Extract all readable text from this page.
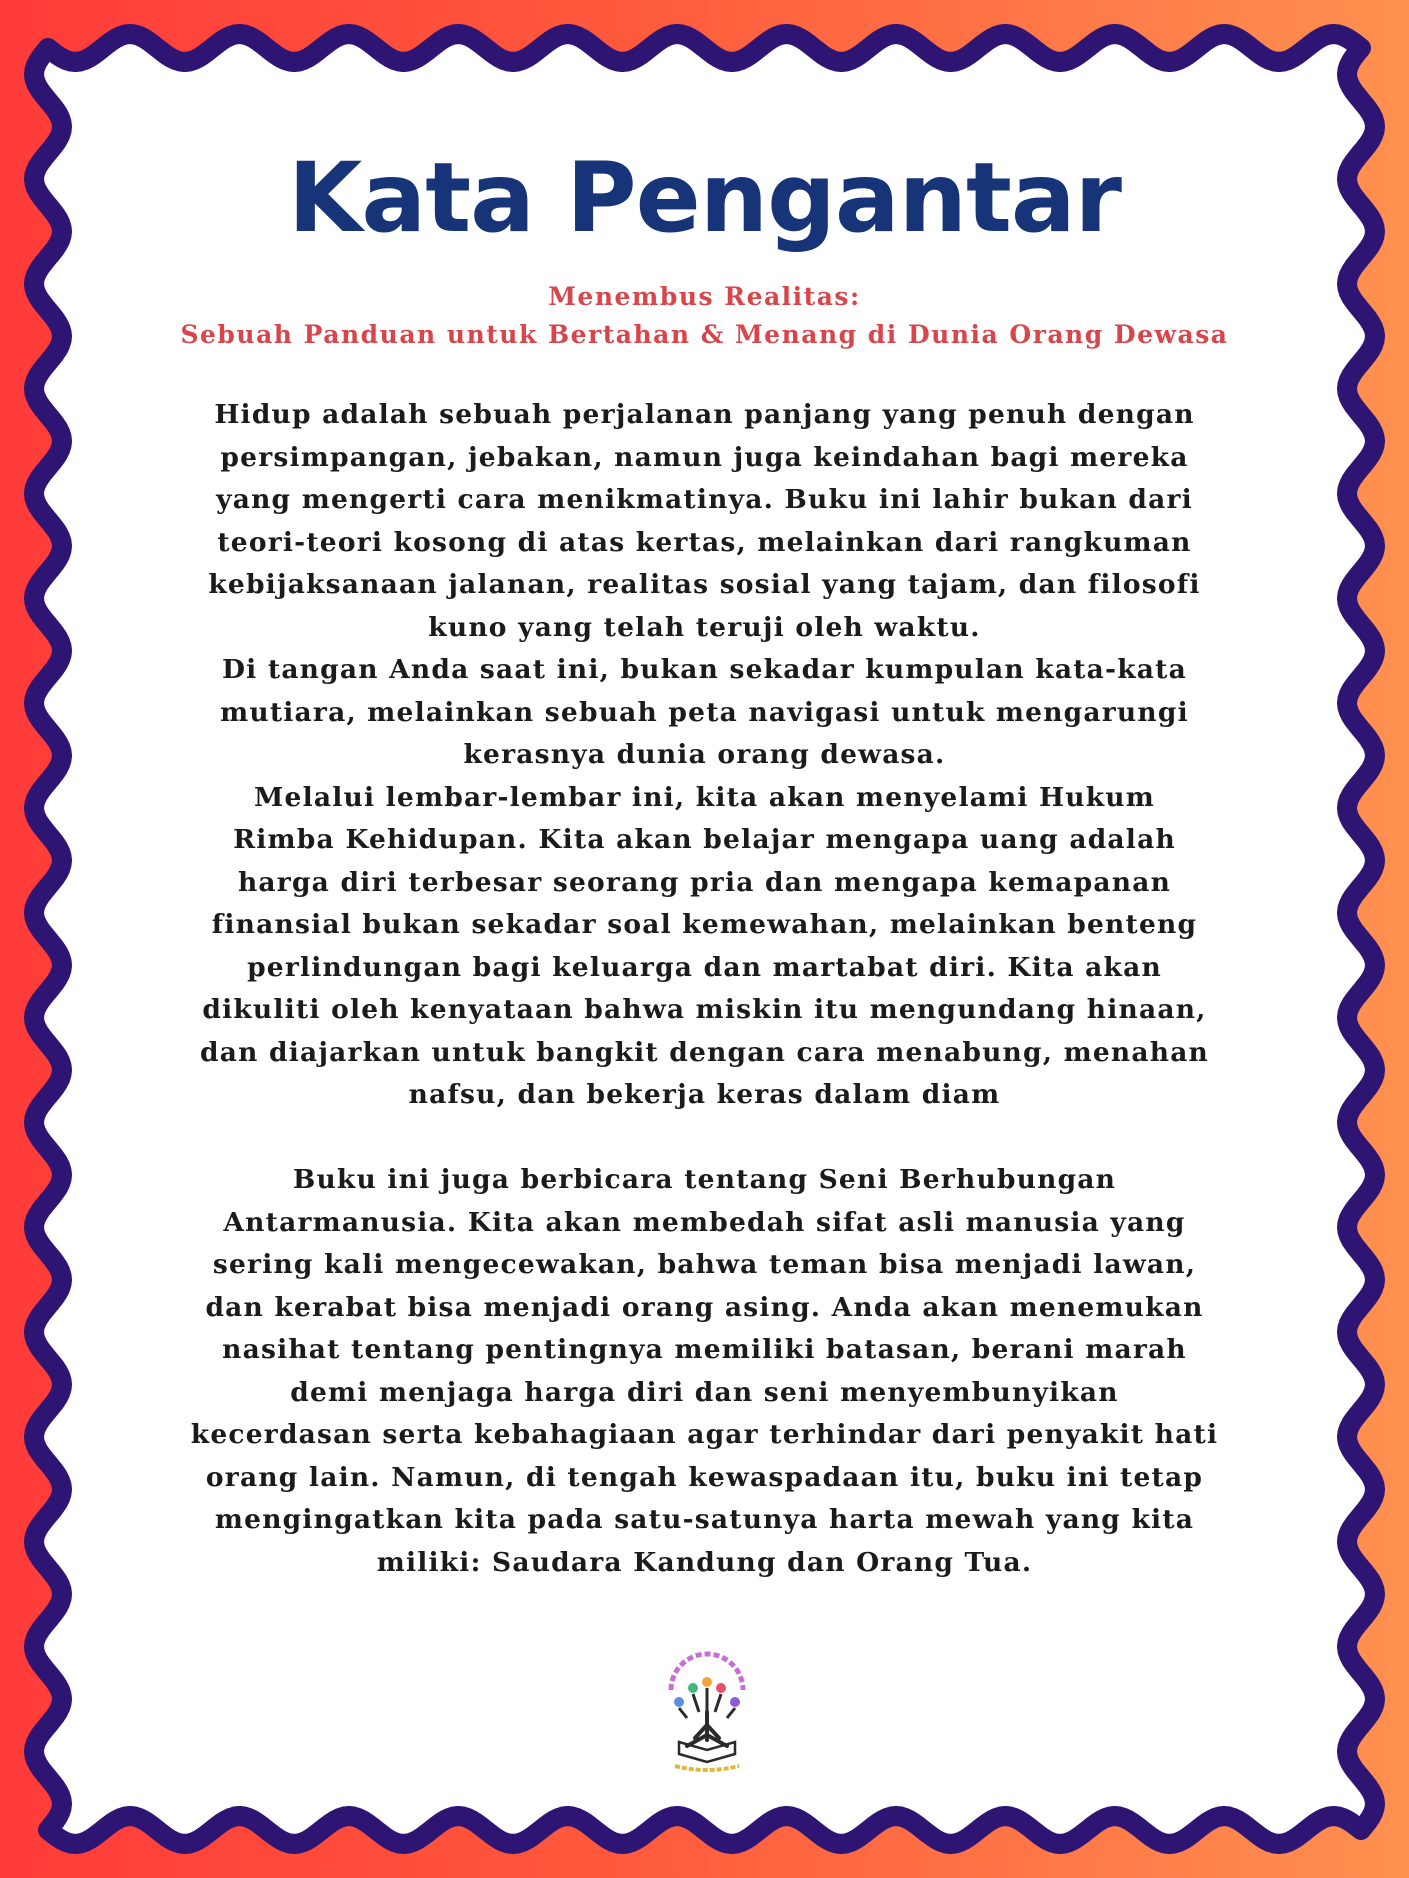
Kata Pengantar
Menembus Realitas:
Sebuah Panduan untuk Bertahan & Menang di Dunia Orang Dewasa
Hidup adalah sebuah perjalanan panjang yang penuh dengan
persimpangan, jebakan, namun juga keindahan bagi mereka
yang mengerti cara menikmatinya. Buku ini lahir bukan dari
teori-teori kosong di atas kertas, melainkan dari rangkuman
kebijaksanaan jalanan, realitas sosial yang tajam, dan filosofi
kuno yang telah teruji oleh waktu.
Di tangan Anda saat ini, bukan sekadar kumpulan kata-kata
mutiara, melainkan sebuah peta navigasi untuk mengarungi
kerasnya dunia orang dewasa.
Melalui lembar-lembar ini, kita akan menyelami Hukum
Rimba Kehidupan. Kita akan belajar mengapa uang adalah
harga diri terbesar seorang pria dan mengapa kemapanan
finansial bukan sekadar soal kemewahan, melainkan benteng
perlindungan bagi keluarga dan martabat diri. Kita akan
dikuliti oleh kenyataan bahwa miskin itu mengundang hinaan,
dan diajarkan untuk bangkit dengan cara menabung, menahan
nafsu, dan bekerja keras dalam diam
Buku ini juga berbicara tentang Seni Berhubungan
Antarmanusia. Kita akan membedah sifat asli manusia yang
sering kali mengecewakan, bahwa teman bisa menjadi lawan,
dan kerabat bisa menjadi orang asing. Anda akan menemukan
nasihat tentang pentingnya memiliki batasan, berani marah
demi menjaga harga diri dan seni menyembunyikan
kecerdasan serta kebahagiaan agar terhindar dari penyakit hati
orang lain. Namun, di tengah kewaspadaan itu, buku ini tetap
mengingatkan kita pada satu-satunya harta mewah yang kita
miliki: Saudara Kandung dan Orang Tua.
